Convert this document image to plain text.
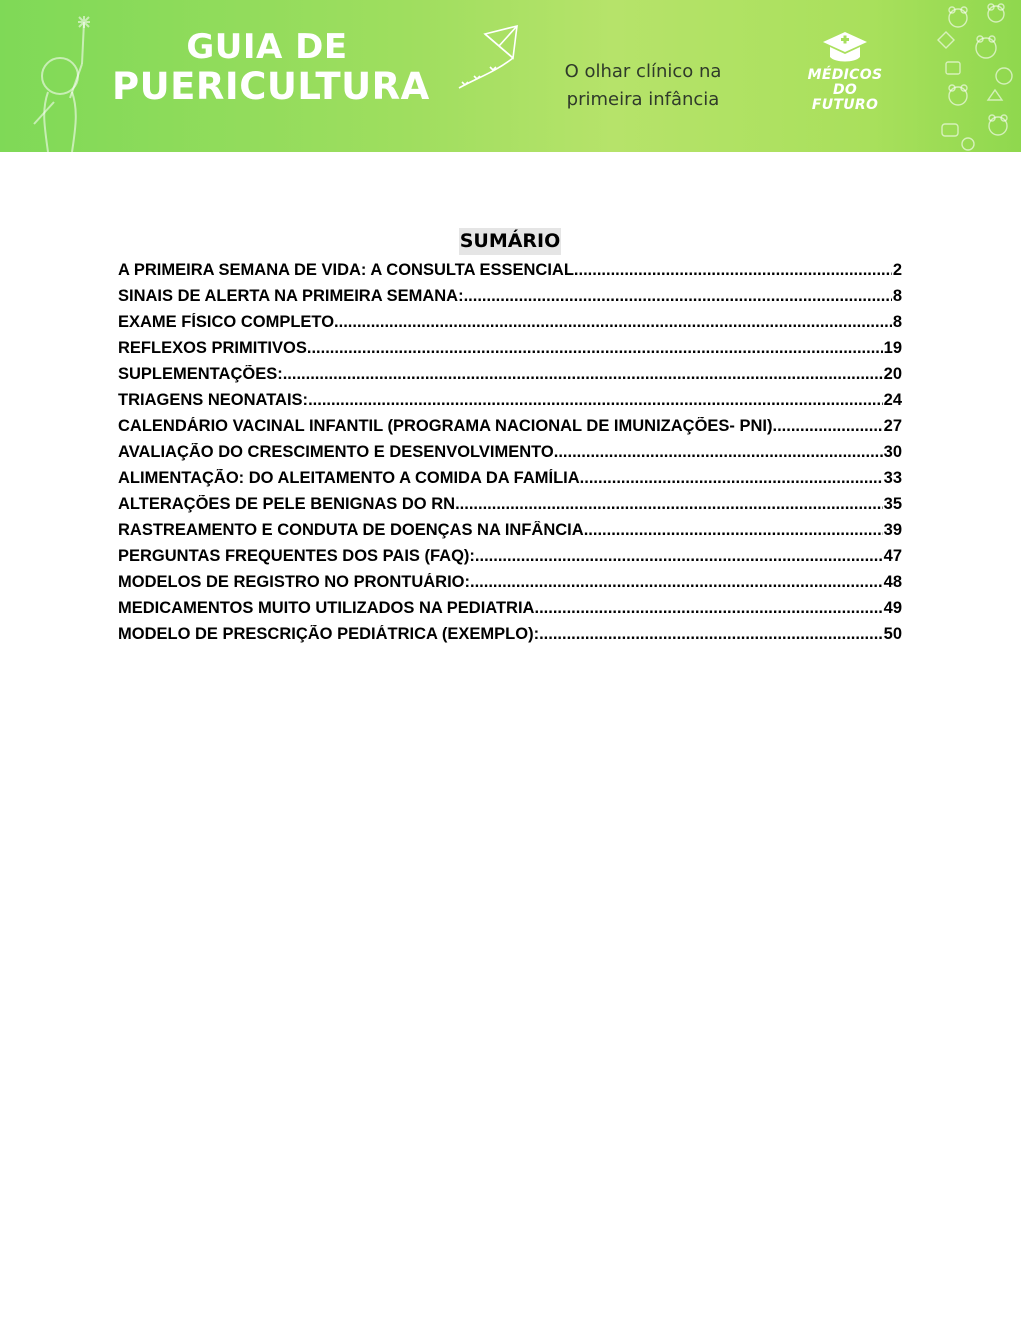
GUIA DE
PUERICULTURA	O olhar clínico na
primeira infância
MÉDICOS
DO FUTURO
SUMÁRIO
A PRIMEIRA SEMANA DE VIDA: A CONSULTA ESSENCIAL .....	2
SINAIS DE ALERTA NA PRIMEIRA SEMANA: .....	8
EXAME FÍSICO COMPLETO .....	8
REFLEXOS PRIMITIVOS .....	19
SUPLEMENTAÇÕES: .....	20
TRIAGENS NEONATAIS: .....	24
CALENDÁRIO VACINAL INFANTIL (PROGRAMA NACIONAL DE IMUNIZAÇÕES- PNI) .....	27
AVALIAÇÃO DO CRESCIMENTO E DESENVOLVIMENTO .....	30
ALIMENTAÇÃO: DO ALEITAMENTO A COMIDA DA FAMÍLIA .....	33
ALTERAÇÕES DE PELE BENIGNAS DO RN .....	35
RASTREAMENTO E CONDUTA DE DOENÇAS NA INFÂNCIA .....	39
PERGUNTAS FREQUENTES DOS PAIS (FAQ): .....	47
MODELOS DE REGISTRO NO PRONTUÁRIO: .....	48
MEDICAMENTOS MUITO UTILIZADOS NA PEDIATRIA .....	49
MODELO DE PRESCRIÇÃO PEDIÁTRICA (EXEMPLO): .....	50
